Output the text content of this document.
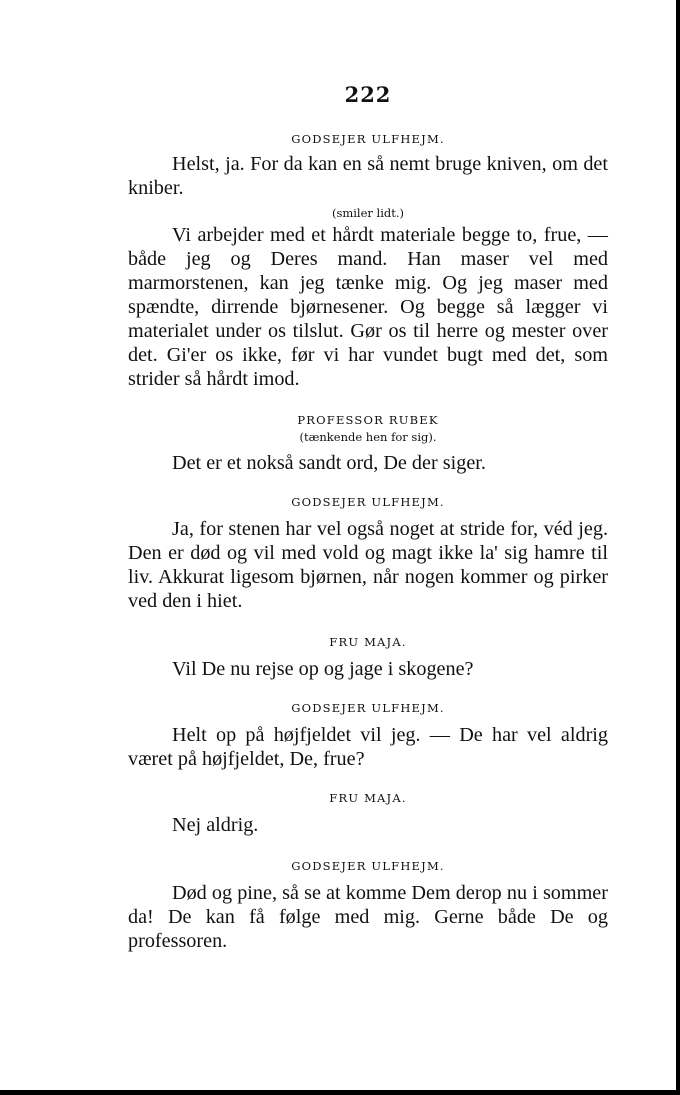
222
GODSEJER ULFHEJM.

Helst, ja. For da kan en så nemt bruge kniven, om det kniber.

(smiler lidt.)

Vi arbejder med et hårdt materiale begge to, frue, — både jeg og Deres mand. Han maser vel med marmorstenen, kan jeg tænke mig. Og jeg maser med spændte, dirrende bjørnesener. Og begge så lægger vi materialet under os tilslut. Gør os til herre og mester over det. Gi'er os ikke, før vi har vundet bugt med det, som strider så hårdt imod.

PROFESSOR RUBEK
(tænkende hen for sig).

Det er et nokså sandt ord, De der siger.

GODSEJER ULFHEJM.

Ja, for stenen har vel også noget at stride for, véd jeg. Den er død og vil med vold og magt ikke la' sig hamre til liv. Akkurat ligesom bjørnen, når nogen kommer og pirker ved den i hiet.

FRU MAJA.

Vil De nu rejse op og jage i skogene?

GODSEJER ULFHEJM.

Helt op på højfjeldet vil jeg. — De har vel aldrig været på højfjeldet, De, frue?

FRU MAJA.

Nej aldrig.

GODSEJER ULFHEJM.

Død og pine, så se at komme Dem derop nu i sommer da! De kan få følge med mig. Gerne både De og professoren.
